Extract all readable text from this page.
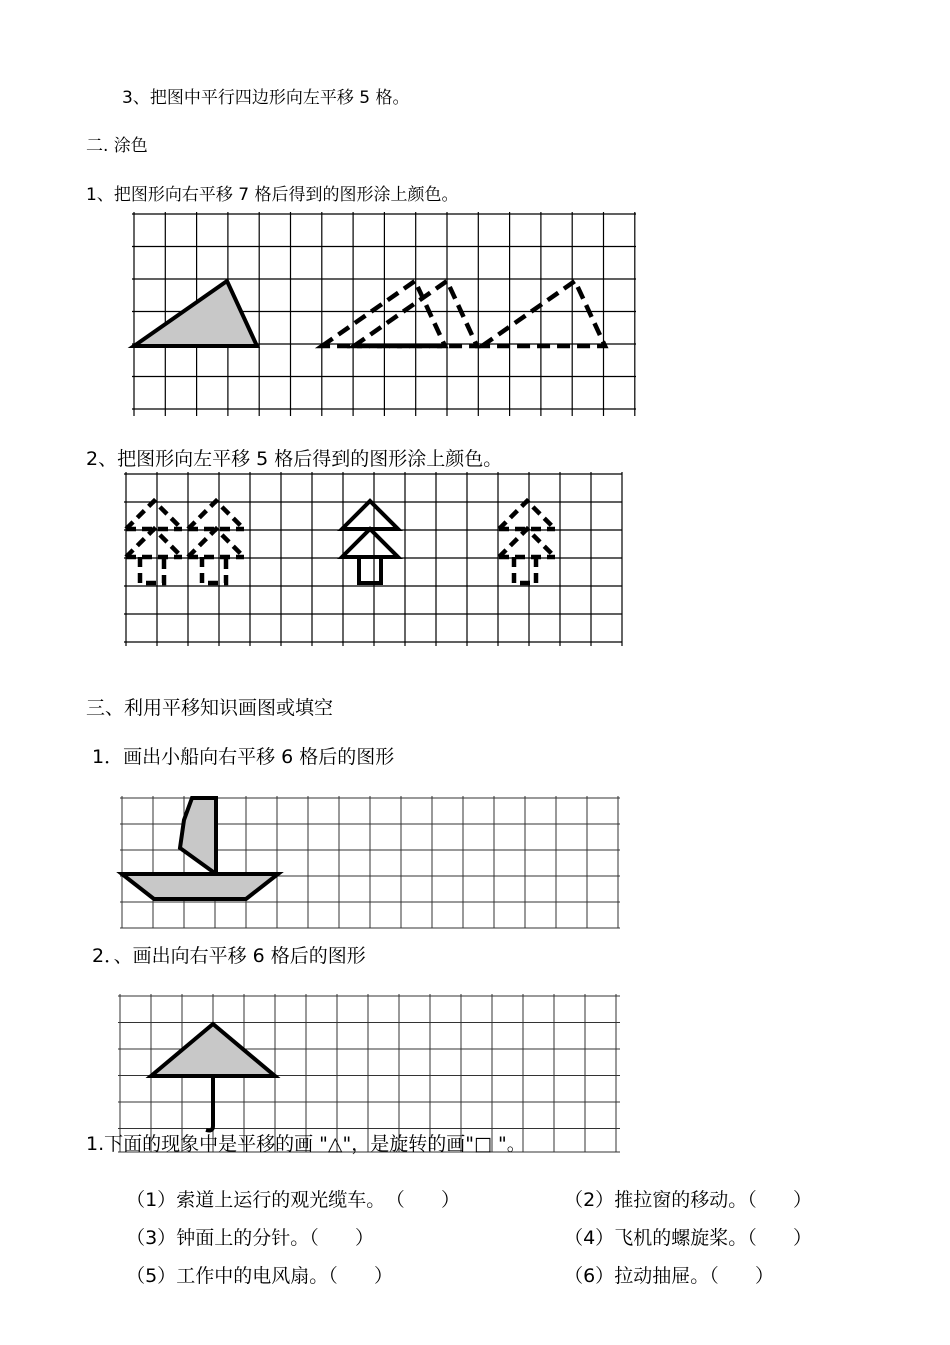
3、把图中平行四边形向左平移 5 格。
二. 涂色
1、把图形向右平移 7 格后得到的图形涂上颜色。
2、把图形向左平移 5 格后得到的图形涂上颜色。
三、利用平移知识画图或填空
1．画出小船向右平移 6 格后的图形
2．、画出向右平移 6 格后的图形
1.下面的现象中是平移的画 "△"，是旋转的画"□ "。

（1）索道上运行的观光缆车。 （      ）	（2）推拉窗的移动。（      ）

（3）钟面上的分针。（      ）	（4）飞机的螺旋桨。（      ）

（5）工作中的电风扇。（      ）	（6）拉动抽屉。（      ）
